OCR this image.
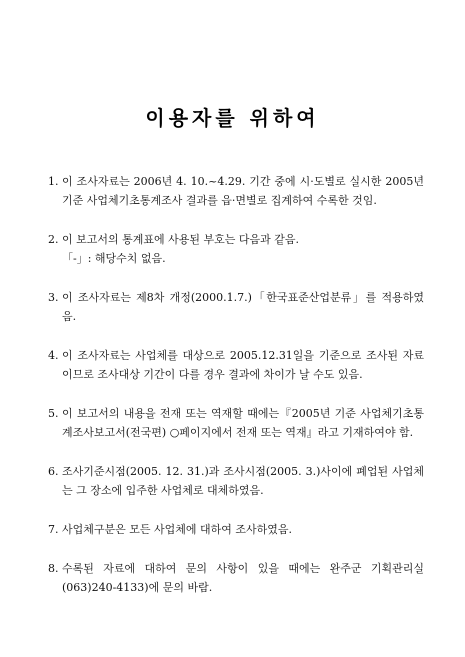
이용자를 위하여
1. 이 조사자료는 2006년 4. 10.~4.29. 기간 중에 시·도별로 실시한 2005년 기준 사업체기초통계조사 결과를 읍·면별로 집계하여 수록한 것임.
2. 이 보고서의 통계표에 사용된 부호는 다음과 같음.
「-」: 해당수치 없음.
3. 이 조사자료는 제8차 개정(2000.1.7.)「한국표준산업분류」를 적용하였음.
4. 이 조사자료는 사업체를 대상으로 2005.12.31일을 기준으로 조사된 자료이므로 조사대상 기간이 다를 경우 결과에 차이가 날 수도 있음.
5. 이 보고서의 내용을 전재 또는 역재할 때에는『2005년 기준 사업체기초통계조사보고서(전국편) ○페이지에서 전재 또는 역재』라고 기재하여야 함.
6. 조사기준시점(2005. 12. 31.)과 조사시점(2005. 3.)사이에 폐업된 사업체는 그 장소에 입주한 사업체로 대체하였음.
7. 사업체구분은 모든 사업체에 대하여 조사하였음.
8. 수록된 자료에 대하여 문의 사항이 있을 때에는 완주군 기획관리실(063)240-4133)에 문의 바람.
